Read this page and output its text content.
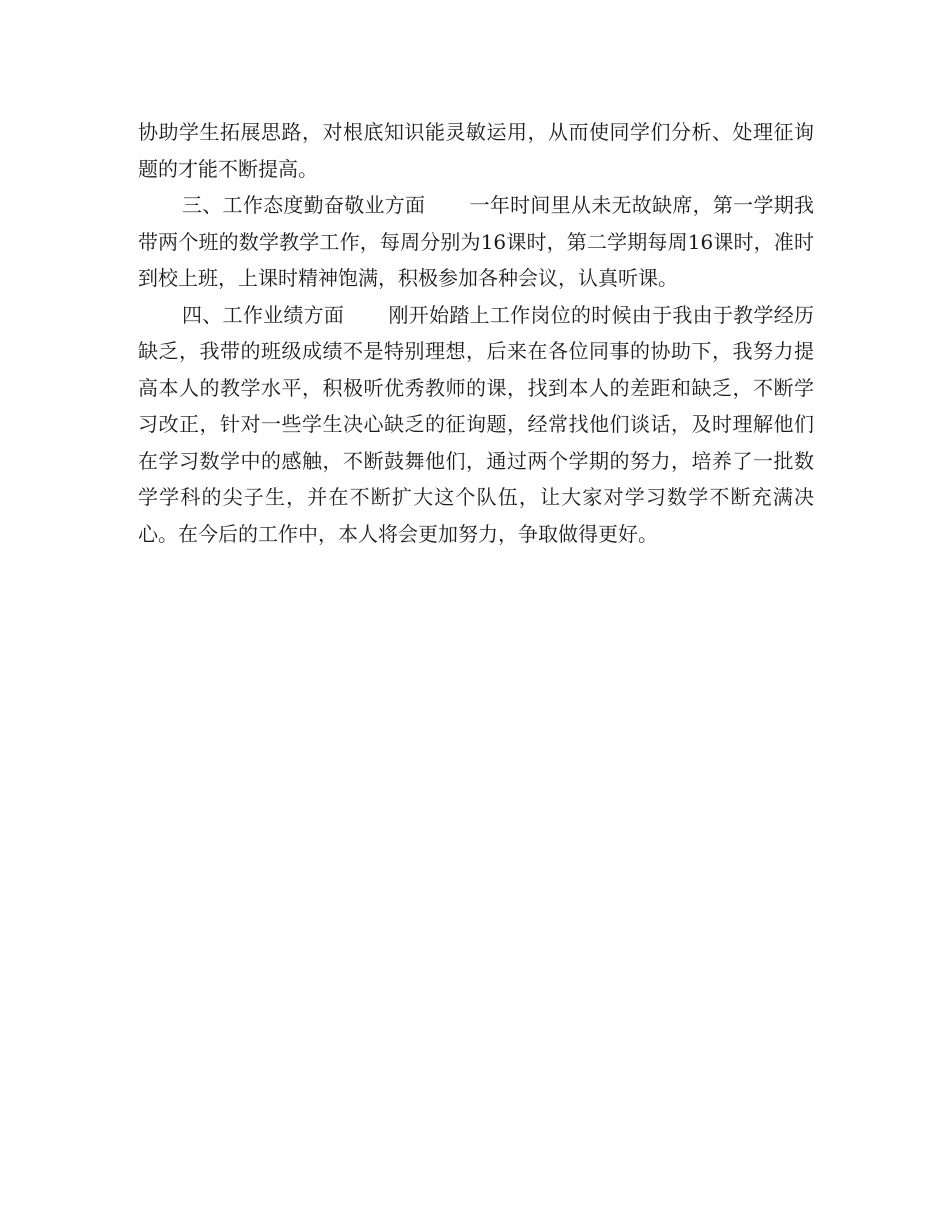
协助学生拓展思路，对根底知识能灵敏运用，从而使同学们分析、处理征询题的才能不断提高。

三、工作态度勤奋敬业方面 一年时间里从未无故缺席，第一学期我带两个班的数学教学工作，每周分别为16课时，第二学期每周16课时，准时到校上班，上课时精神饱满，积极参加各种会议，认真听课。

四、工作业绩方面 刚开始踏上工作岗位的时候由于我由于教学经历缺乏，我带的班级成绩不是特别理想，后来在各位同事的协助下，我努力提高本人的教学水平，积极听优秀教师的课，找到本人的差距和缺乏，不断学习改正，针对一些学生决心缺乏的征询题，经常找他们谈话，及时理解他们在学习数学中的感触，不断鼓舞他们，通过两个学期的努力，培养了一批数学学科的尖子生，并在不断扩大这个队伍，让大家对学习数学不断充满决心。在今后的工作中，本人将会更加努力，争取做得更好。
